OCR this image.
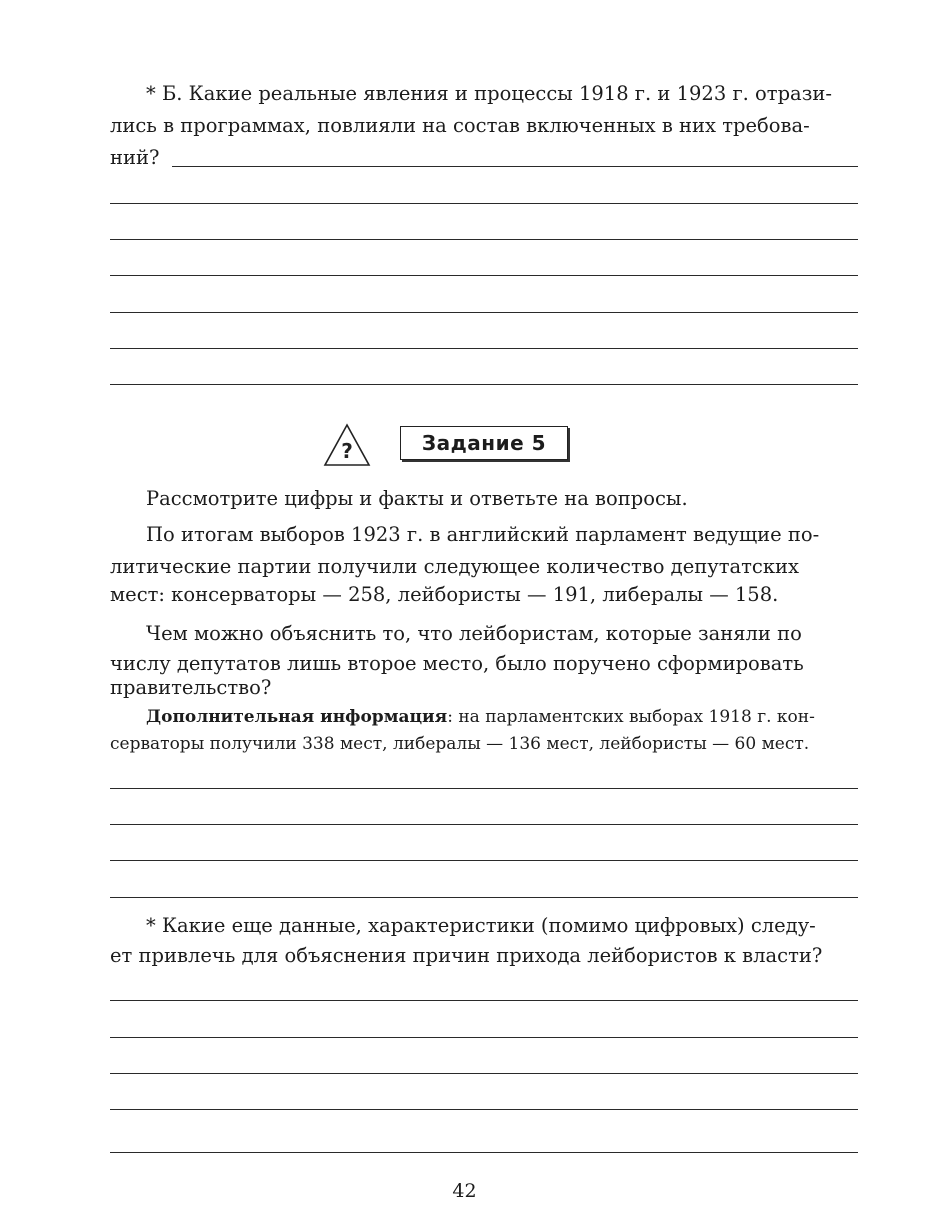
* Б. Какие реальные явления и процессы 1918 г. и 1923 г. отрази-
лись в программах, повлияли на состав включенных в них требова-
ний?
?	Задание 5
Рассмотрите цифры и факты и ответьте на вопросы.
По итогам выборов 1923 г. в английский парламент ведущие по-
литические партии получили следующее количество депутатских
мест: консерваторы — 258, лейбористы — 191, либералы — 158.
Чем можно объяснить то, что лейбористам, которые заняли по
числу депутатов лишь второе место, было поручено сформировать
правительство?
Дополнительная информация: на парламентских выборах 1918 г. кон-
серваторы получили 338 мест, либералы — 136 мест, лейбористы — 60 мест.
* Какие еще данные, характеристики (помимо цифровых) следу-
ет привлечь для объяснения причин прихода лейбористов к власти?
42
